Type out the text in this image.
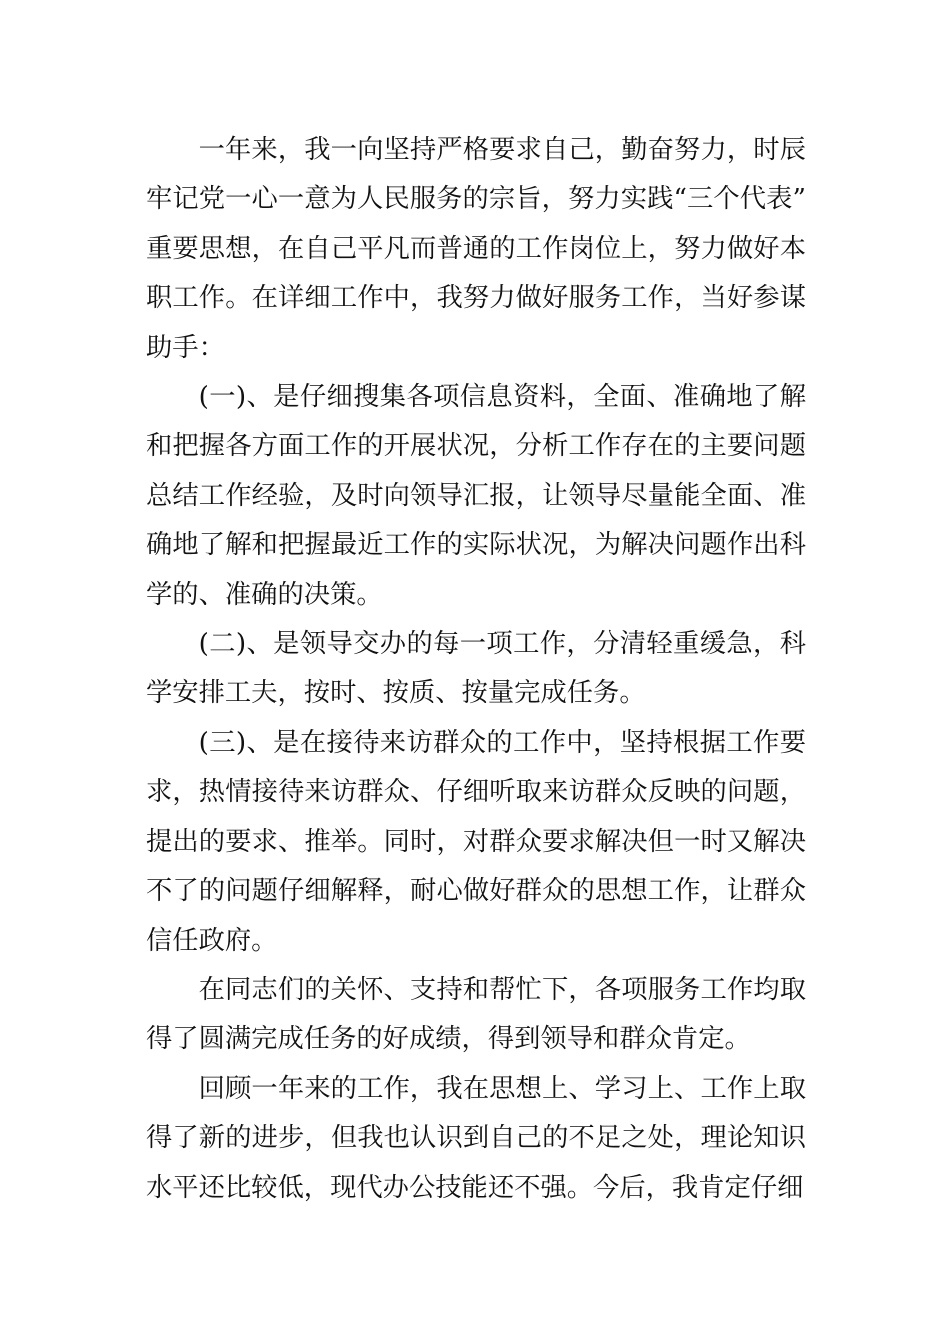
一年来，我一向坚持严格要求自己，勤奋努力，时辰牢记党一心一意为人民服务的宗旨，努力实践“三个代表”重要思想，在自己平凡而普通的工作岗位上，努力做好本职工作。在详细工作中，我努力做好服务工作，当好参谋助手：

(一)、是仔细搜集各项信息资料，全面、准确地了解和把握各方面工作的开展状况，分析工作存在的主要问题总结工作经验，及时向领导汇报，让领导尽量能全面、准确地了解和把握最近工作的实际状况，为解决问题作出科学的、准确的决策。

(二)、是领导交办的每一项工作，分清轻重缓急，科学安排工夫，按时、按质、按量完成任务。

(三)、是在接待来访群众的工作中，坚持根据工作要求，热情接待来访群众、仔细听取来访群众反映的问题，提出的要求、推举。同时，对群众要求解决但一时又解决不了的问题仔细解释，耐心做好群众的思想工作，让群众信任政府。

在同志们的关怀、支持和帮忙下，各项服务工作均取得了圆满完成任务的好成绩，得到领导和群众肯定。

回顾一年来的工作，我在思想上、学习上、工作上取得了新的进步，但我也认识到自己的不足之处，理论知识水平还比较低，现代办公技能还不强。今后，我肯定仔细
